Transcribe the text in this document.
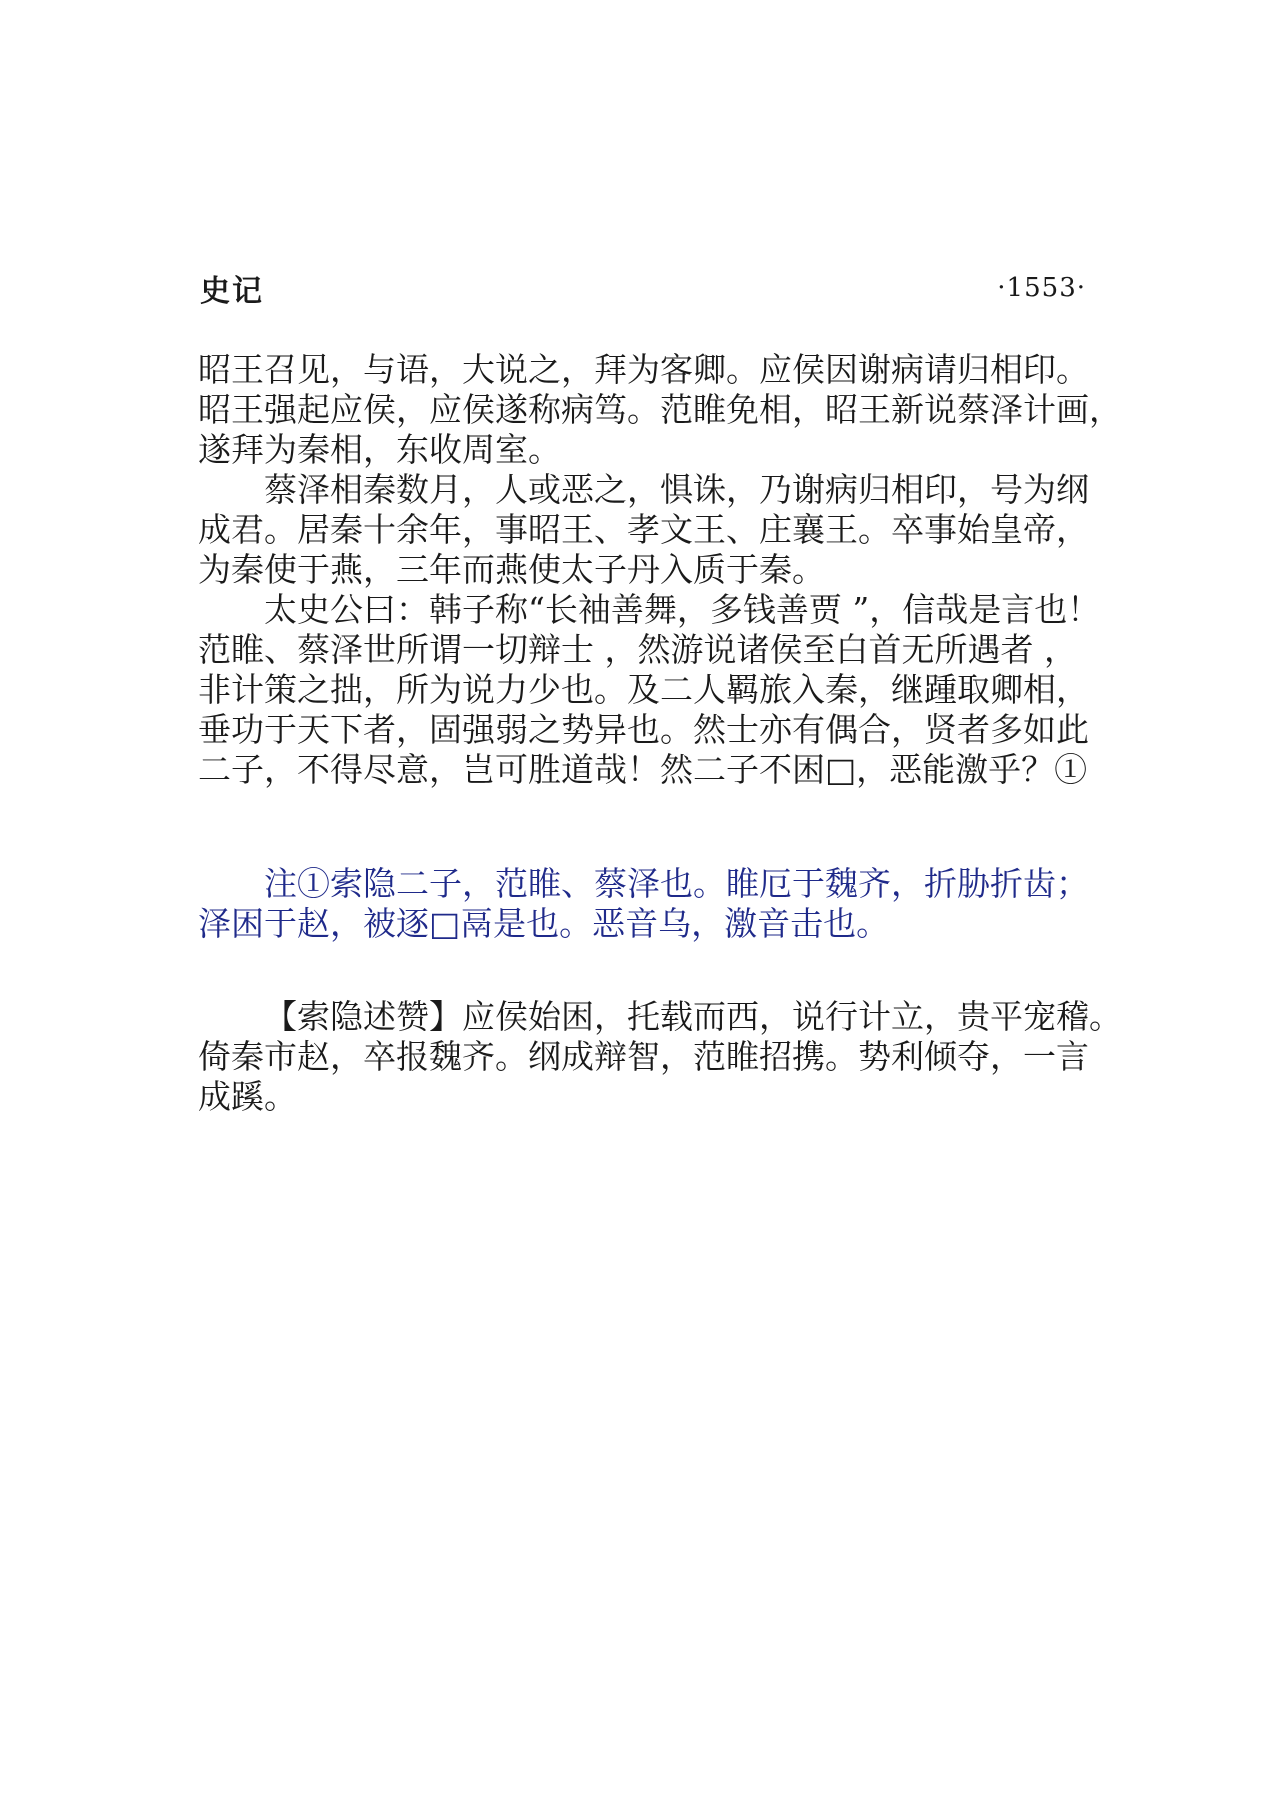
史记	·1553·

昭王召见，与语，大说之，拜为客卿。应侯因谢病请归相印。

昭王强起应侯，应侯遂称病笃。范睢免相，昭王新说蔡泽计画，

遂拜为秦相，东收周室。

蔡泽相秦数月，人或恶之，惧诛，乃谢病归相印，号为纲

成君。居秦十余年，事昭王、孝文王、庄襄王。卒事始皇帝，

为秦使于燕，三年而燕使太子丹入质于秦。

太史公曰：韩子称“长袖善舞，多钱善贾 ”，信哉是言也！

范睢、蔡泽世所谓一切辩士 ，然游说诸侯至白首无所遇者 ，

非计策之拙，所为说力少也。及二人羁旅入秦，继踵取卿相，

垂功于天下者，固强弱之势异也。然士亦有偶合，贤者多如此

二子，不得尽意，岂可胜道哉！然二子不困□，恶能激乎？①

注①索隐二子，范睢、蔡泽也。睢厄于魏齐，折胁折齿；

泽困于赵，被逐□鬲是也。恶音乌，激音击也。

【索隐述赞】应侯始困，托载而西，说行计立，贵平宠稽。

倚秦市赵，卒报魏齐。纲成辩智，范睢招携。势利倾夺，一言

成蹊。
